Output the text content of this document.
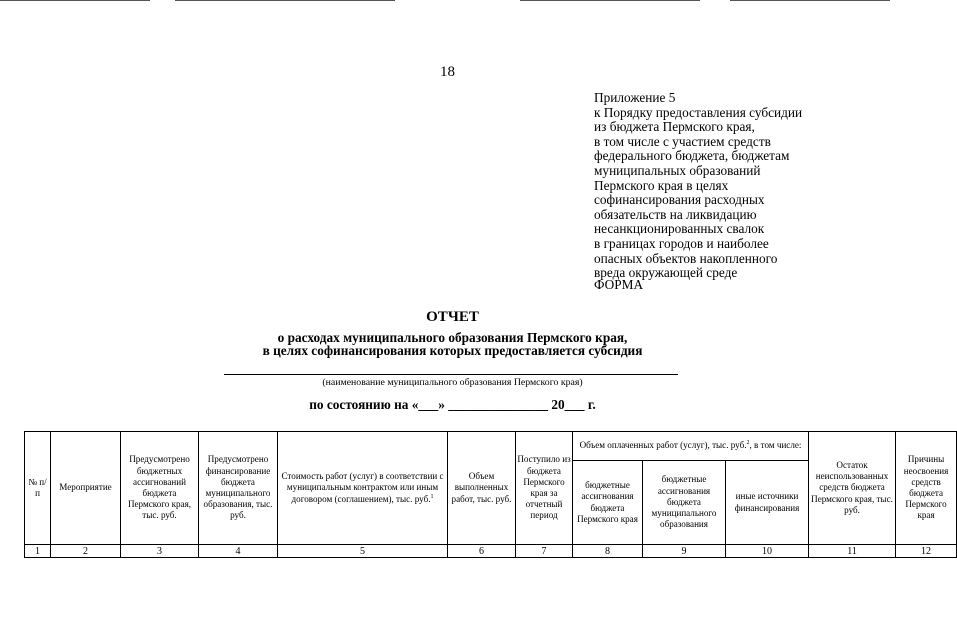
18
Приложение 5
к Порядку предоставления субсидии
из бюджета Пермского края,
в том числе с участием средств
федерального бюджета, бюджетам
муниципальных образований
Пермского края в целях
софинансирования расходных
обязательств на ликвидацию
несанкционированных свалок
в границах городов и наиболее
опасных объектов накопленного
вреда окружающей среде
ФОРМА
ОТЧЕТ
о расходах муниципального образования Пермского края,
в целях софинансирования которых предоставляется субсидия
(наименование муниципального образования Пермского края)
по состоянию на «___» _______________ 20___ г.
№ п/п	Мероприятие	Предусмотрено бюджетных ассигнований бюджета Пермского края, тыс. руб.	Предусмотрено финансирование бюджета муниципального образования, тыс. руб.	Стоимость работ (услуг) в соответствии с муниципальным контрактом или иным договором (соглашением), тыс. руб.$^1$	Объем выполненных работ, тыс. руб.	Поступило из бюджета Пермского края за отчетный период	Объем оплаченных работ (услуг), тыс. руб.$^2$, в том числе:			Остаток неиспользованных средств бюджета Пермского края, тыс. руб.	Причины неосвоения средств бюджета Пермского края
							бюджетные ассигнования бюджета Пермского края	бюджетные ассигнования бюджета муниципального образования	иные источники финансирования		
1	2	3	4	5	6	7	8	9	10	11	12
